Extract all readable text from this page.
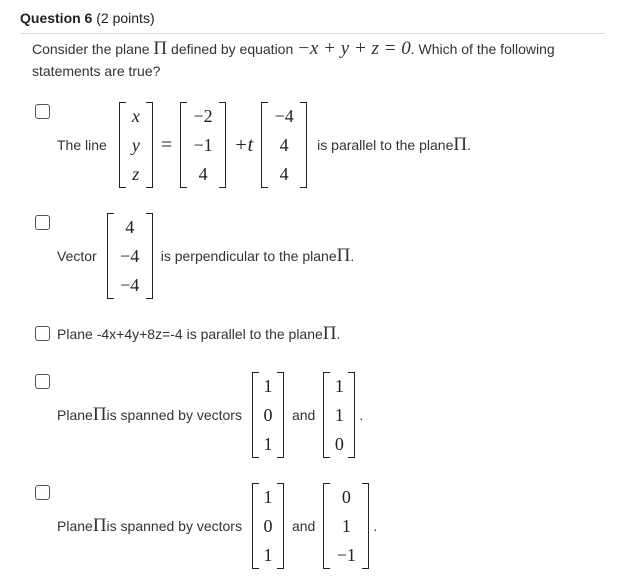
Question 6 (2 points)
Consider the plane Π defined by equation −x + y + z = 0. Which of the following statements are true?
The line
x
y
z
=
−2
−1
4
+t
−4
4
4
is parallel to the plane Π .
Vector
4
−4
−4
is perpendicular to the plane Π .
Plane -4x+4y+8z=-4 is parallel to the plane Π .
Plane Π is spanned by vectors
1
0
1
and
1
1
0
.
Plane Π is spanned by vectors
1
0
1
and
0
1
−1
.
